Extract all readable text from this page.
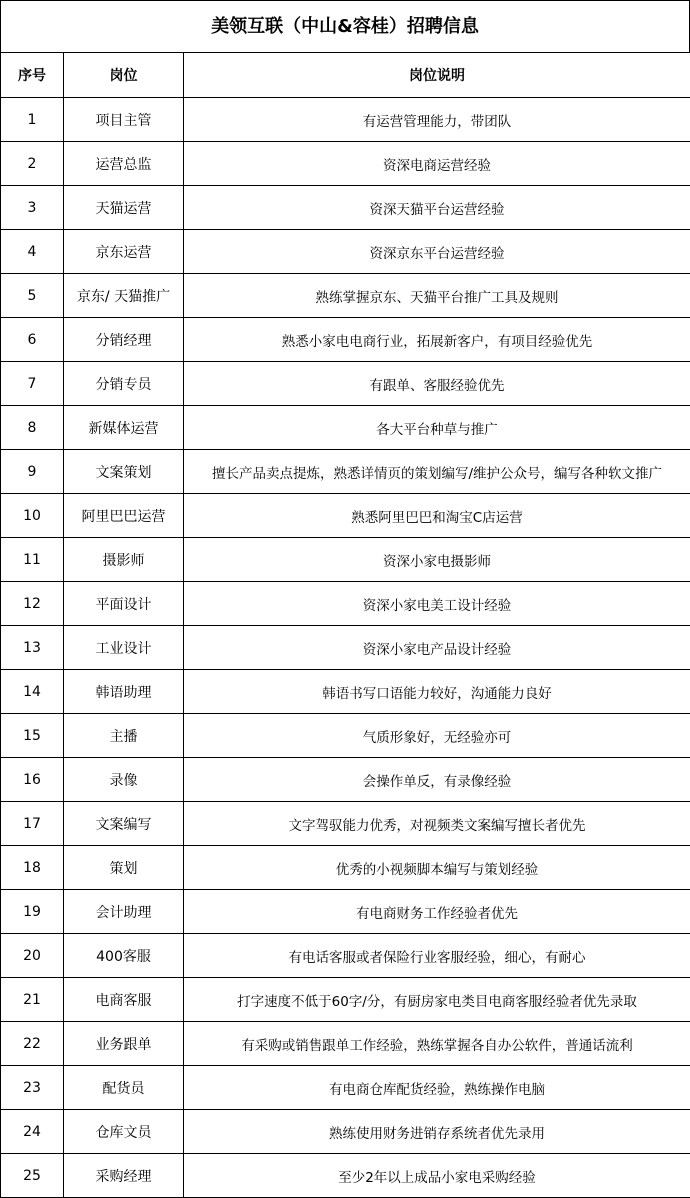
美领互联（中山&容桂）招聘信息
序号	岗位	岗位说明
1	项目主管	有运营管理能力，带团队
2	运营总监	资深电商运营经验
3	天猫运营	资深天猫平台运营经验
4	京东运营	资深京东平台运营经验
5	京东/ 天猫推广	熟练掌握京东、天猫平台推广工具及规则
6	分销经理	熟悉小家电电商行业，拓展新客户，有项目经验优先
7	分销专员	有跟单、客服经验优先
8	新媒体运营	各大平台种草与推广
9	文案策划	擅长产品卖点提炼，熟悉详情页的策划编写/维护公众号，编写各种软文推广
10	阿里巴巴运营	熟悉阿里巴巴和淘宝C店运营
11	摄影师	资深小家电摄影师
12	平面设计	资深小家电美工设计经验
13	工业设计	资深小家电产品设计经验
14	韩语助理	韩语书写口语能力较好，沟通能力良好
15	主播	气质形象好，无经验亦可
16	录像	会操作单反，有录像经验
17	文案编写	文字驾驭能力优秀，对视频类文案编写擅长者优先
18	策划	优秀的小视频脚本编写与策划经验
19	会计助理	有电商财务工作经验者优先
20	400客服	有电话客服或者保险行业客服经验，细心，有耐心
21	电商客服	打字速度不低于60字/分，有厨房家电类目电商客服经验者优先录取
22	业务跟单	有采购或销售跟单工作经验，熟练掌握各自办公软件，普通话流利
23	配货员	有电商仓库配货经验，熟练操作电脑
24	仓库文员	熟练使用财务进销存系统者优先录用
25	采购经理	至少2年以上成品小家电采购经验
